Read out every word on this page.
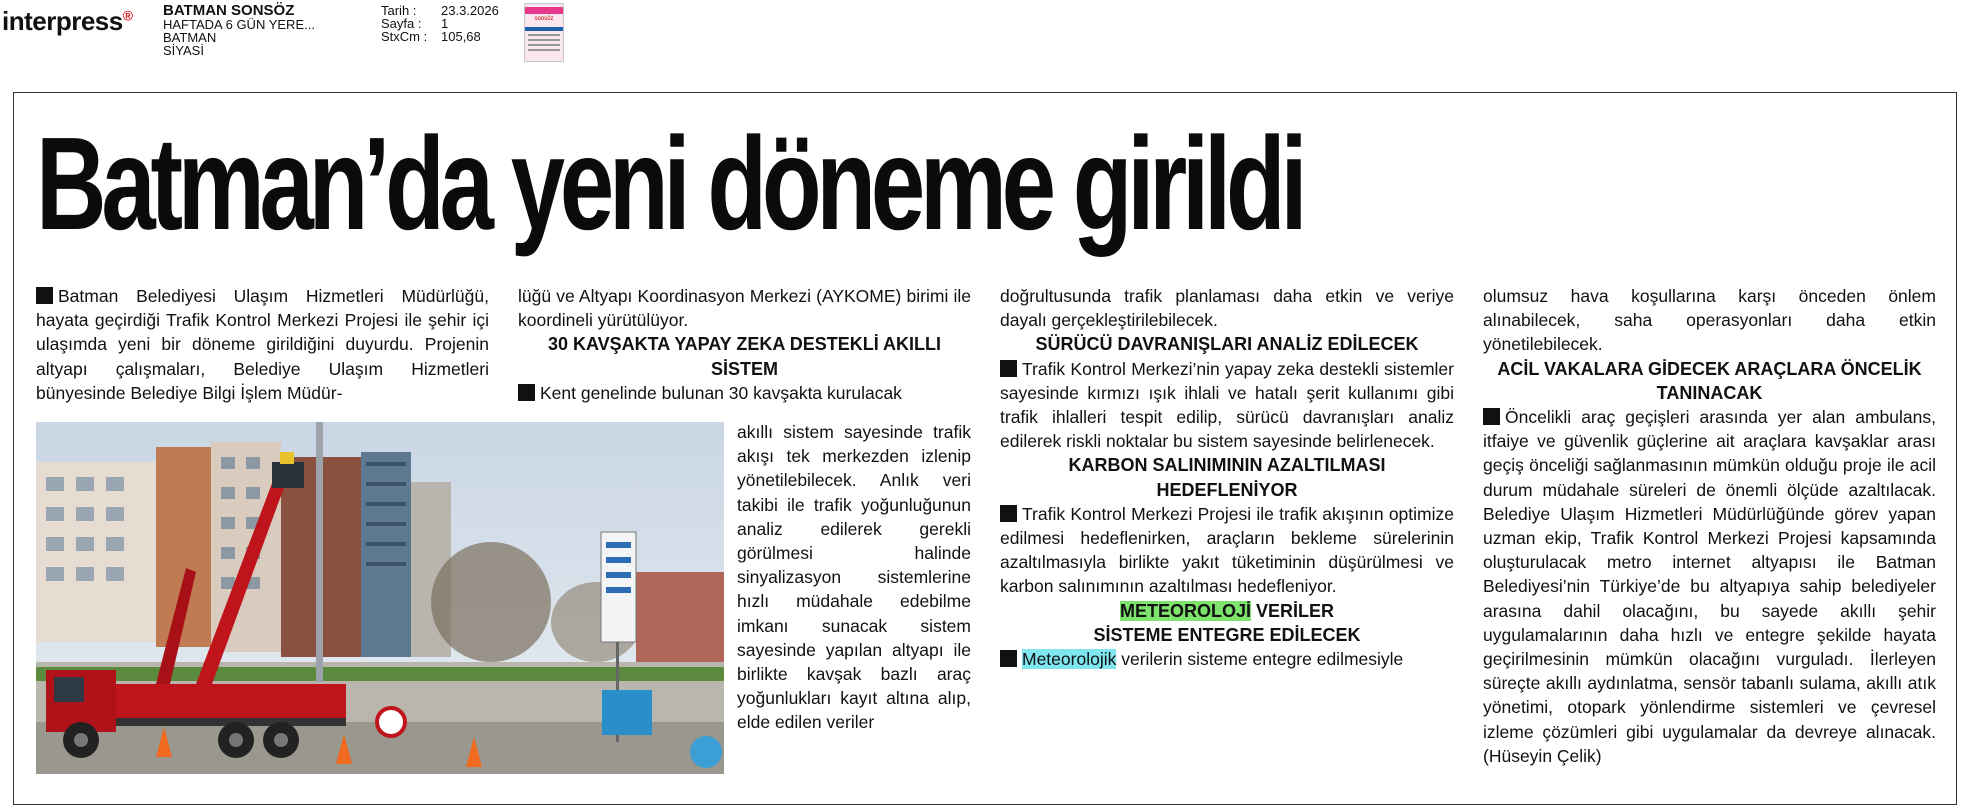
interpress® BATMAN SONSÖZ
HAFTADA 6 GÜN YERE...
BATMAN
SİYASİ
Tarih :	23.3.2026
Sayfa :	1
StxCm :	105,68
sonsöz
Batman’da yeni döneme girildi

Batman Belediyesi Ulaşım Hizmetleri Müdürlüğü, hayata geçirdiği Trafik Kontrol Merkezi Projesi ile şehir içi ulaşımda yeni bir döneme girildiğini duyurdu. Projenin altyapı çalışmaları, Belediye Ulaşım Hizmetleri bünyesinde Belediye Bilgi İşlem Müdür-

lüğü ve Altyapı Koordinasyon Merkezi (AYKOME) birimi ile koordineli yürütülüyor.

30 KAVŞAKTA YAPAY ZEKA DESTEKLİ AKILLI SİSTEM

Kent genelinde bulunan 30 kavşakta kurulacak

akıllı sistem sayesinde trafik akışı tek merkezden izlenip yönetilebilecek. Anlık veri takibi ile trafik yoğunluğunun analiz edilerek gerekli görülmesi halinde sinyalizasyon sistemlerine hızlı müdahale edebilme imkanı sunacak sistem sayesinde yapılan altyapı ile birlikte kavşak bazlı araç yoğunlukları kayıt altına alıp, elde edilen veriler

doğrultusunda trafik planlaması daha etkin ve veriye dayalı gerçekleştirilebilecek.

SÜRÜCÜ DAVRANIŞLARI ANALİZ EDİLECEK

Trafik Kontrol Merkezi’nin yapay zeka destekli sistemler sayesinde kırmızı ışık ihlali ve hatalı şerit kullanımı gibi trafik ihlalleri tespit edilip, sürücü davranışları analiz edilerek riskli noktalar bu sistem sayesinde belirlenecek.

KARBON SALINIMININ AZALTILMASI HEDEFLENİYOR

Trafik Kontrol Merkezi Projesi ile trafik akışının optimize edilmesi hedeflenirken, araçların bekleme sürelerinin azaltılmasıyla birlikte yakıt tüketiminin düşürülmesi ve karbon salınımının azaltılması hedefleniyor.

METEOROLOJİ VERİLER
SİSTEME ENTEGRE EDİLECEK

Meteorolojik verilerin sisteme entegre edilmesiyle

olumsuz hava koşullarına karşı önceden önlem alınabilecek, saha operasyonları daha etkin yönetilebilecek.

ACİL VAKALARA GİDECEK ARAÇLARA ÖNCELİK TANINACAK

Öncelikli araç geçişleri arasında yer alan ambulans, itfaiye ve güvenlik güçlerine ait araçlara kavşaklar arası geçiş önceliği sağlanmasının mümkün olduğu proje ile acil durum müdahale süreleri de önemli ölçüde azaltılacak. Belediye Ulaşım Hizmetleri Müdürlüğünde görev yapan uzman ekip, Trafik Kontrol Merkezi Projesi kapsamında oluşturulacak metro internet altyapısı ile Batman Belediyesi’nin Türkiye’de bu altyapıya sahip belediyeler arasına dahil olacağını, bu sayede akıllı şehir uygulamalarının daha hızlı ve entegre şekilde hayata geçirilmesinin mümkün olacağını vurguladı. İlerleyen süreçte akıllı aydınlatma, sensör tabanlı sulama, akıllı atık yönetimi, otopark yönlendirme sistemleri ve çevresel izleme çözümleri gibi uygulamalar da devreye alınacak. (Hüseyin Çelik)
